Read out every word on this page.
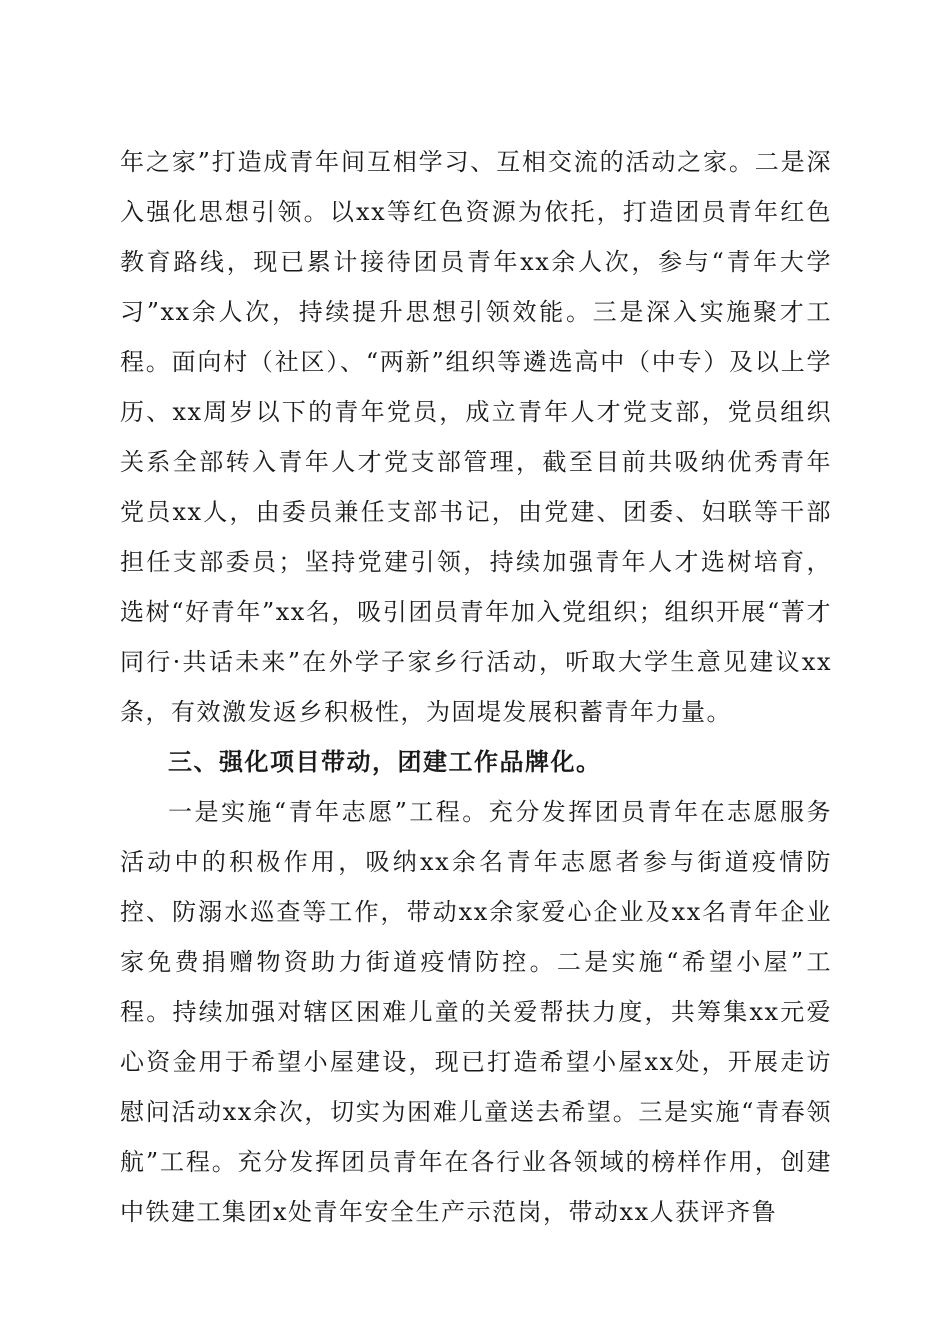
年之家”打造成青年间互相学习、互相交流的活动之家。二是深入强化思想引领。以xx等红色资源为依托，打造团员青年红色教育路线，现已累计接待团员青年xx余人次，参与“青年大学习”xx余人次，持续提升思想引领效能。三是深入实施聚才工程。面向村（社区）、“两新”组织等遴选高中（中专）及以上学历、xx周岁以下的青年党员，成立青年人才党支部，党员组织关系全部转入青年人才党支部管理，截至目前共吸纳优秀青年党员xx人，由委员兼任支部书记，由党建、团委、妇联等干部担任支部委员；坚持党建引领，持续加强青年人才选树培育，选树“好青年”xx名，吸引团员青年加入党组织；组织开展“菁才同行·共话未来”在外学子家乡行活动，听取大学生意见建议xx条，有效激发返乡积极性，为固堤发展积蓄青年力量。

三、强化项目带动，团建工作品牌化。

一是实施“青年志愿”工程。充分发挥团员青年在志愿服务活动中的积极作用，吸纳xx余名青年志愿者参与街道疫情防控、防溺水巡查等工作，带动xx余家爱心企业及xx名青年企业家免费捐赠物资助力街道疫情防控。二是实施“希望小屋”工程。持续加强对辖区困难儿童的关爱帮扶力度，共筹集xx元爱心资金用于希望小屋建设，现已打造希望小屋xx处，开展走访慰问活动xx余次，切实为困难儿童送去希望。三是实施“青春领航”工程。充分发挥团员青年在各行业各领域的榜样作用，创建中铁建工集团x处青年安全生产示范岗，带动xx人获评齐鲁
